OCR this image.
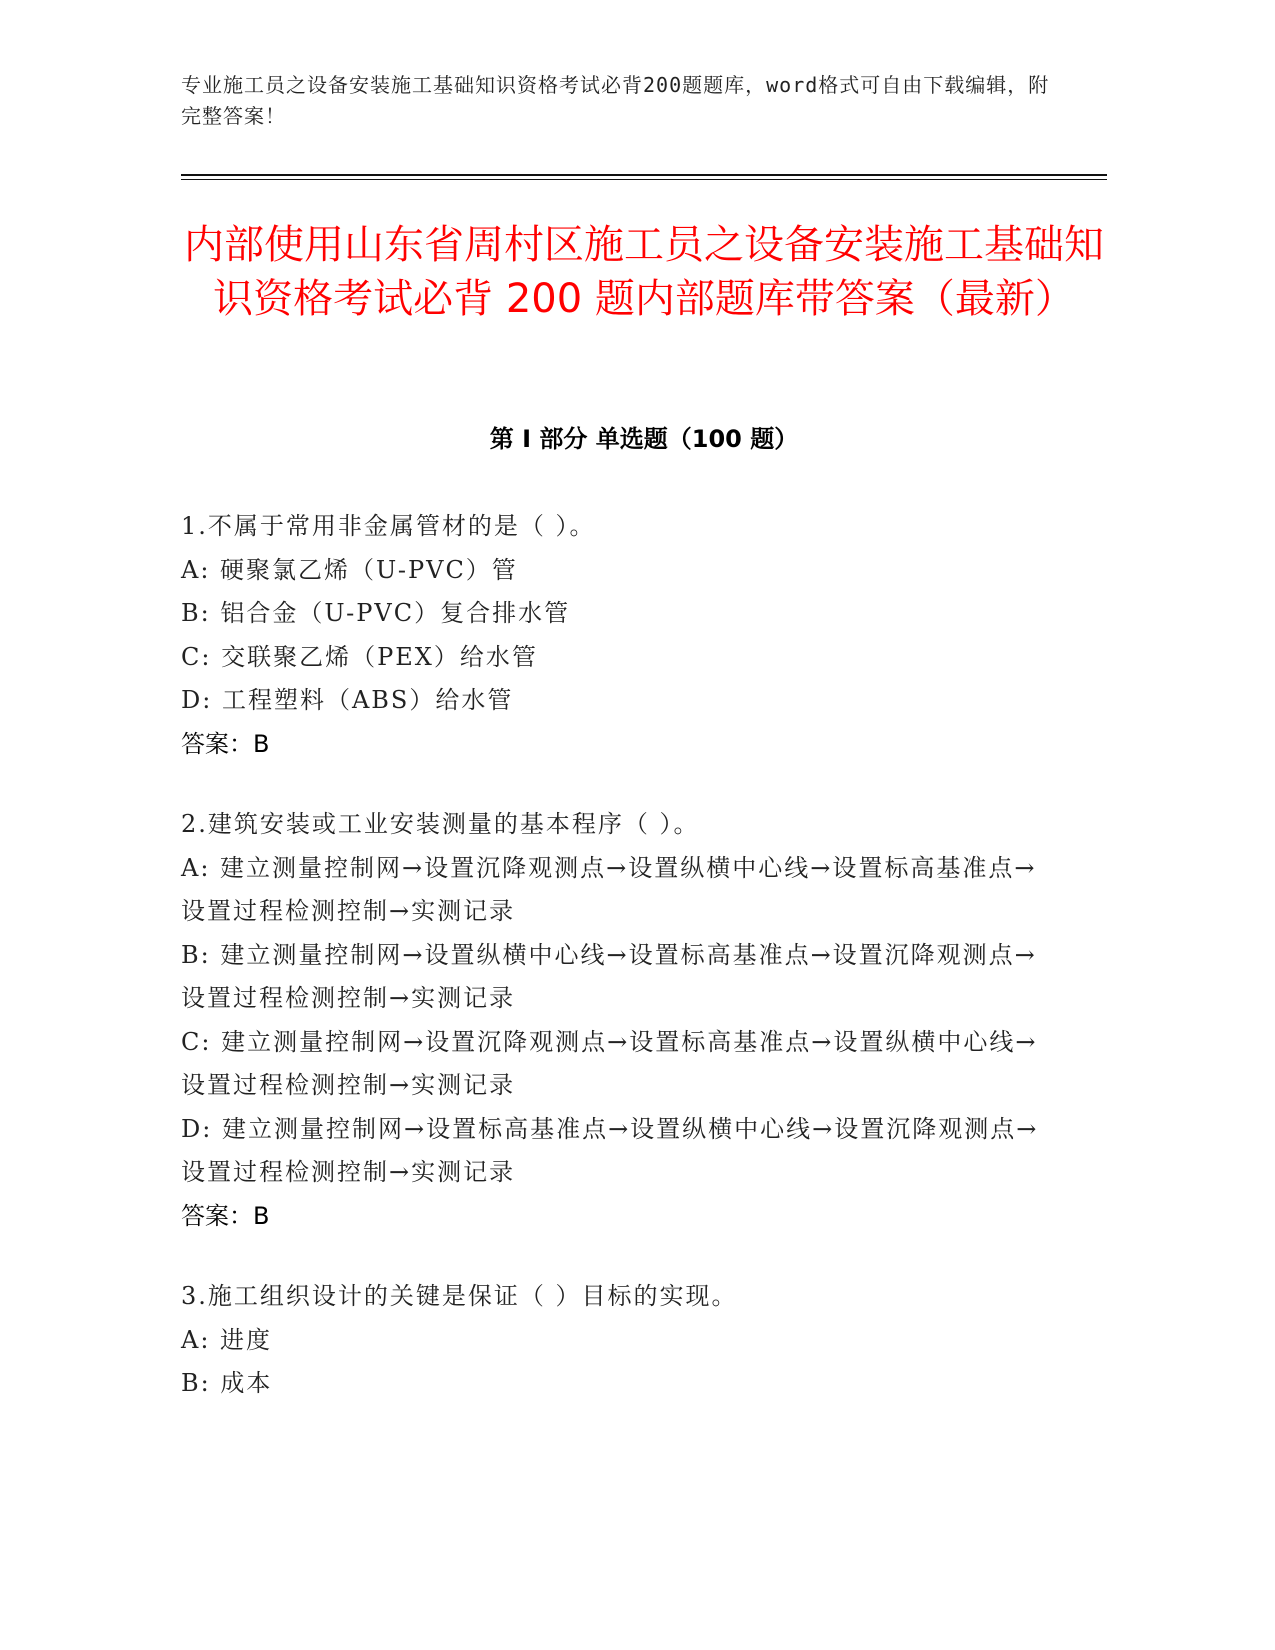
专业施工员之设备安装施工基础知识资格考试必背200题题库，word格式可自由下载编辑，附完整答案！
内部使用山东省周村区施工员之设备安装施工基础知识资格考试必背 200 题内部题库带答案（最新）
第 I 部分 单选题（100 题）
1.不属于常用非金属管材的是（ ）。
A: 硬聚氯乙烯（U-PVC）管
B: 铝合金（U-PVC）复合排水管
C: 交联聚乙烯（PEX）给水管
D: 工程塑料（ABS）给水管
答案：B
2.建筑安装或工业安装测量的基本程序（ ）。
A: 建立测量控制网→设置沉降观测点→设置纵横中心线→设置标高基准点→设置过程检测控制→实测记录
B: 建立测量控制网→设置纵横中心线→设置标高基准点→设置沉降观测点→设置过程检测控制→实测记录
C: 建立测量控制网→设置沉降观测点→设置标高基准点→设置纵横中心线→设置过程检测控制→实测记录
D: 建立测量控制网→设置标高基准点→设置纵横中心线→设置沉降观测点→设置过程检测控制→实测记录
答案：B
3.施工组织设计的关键是保证（ ）目标的实现。
A: 进度
B: 成本
